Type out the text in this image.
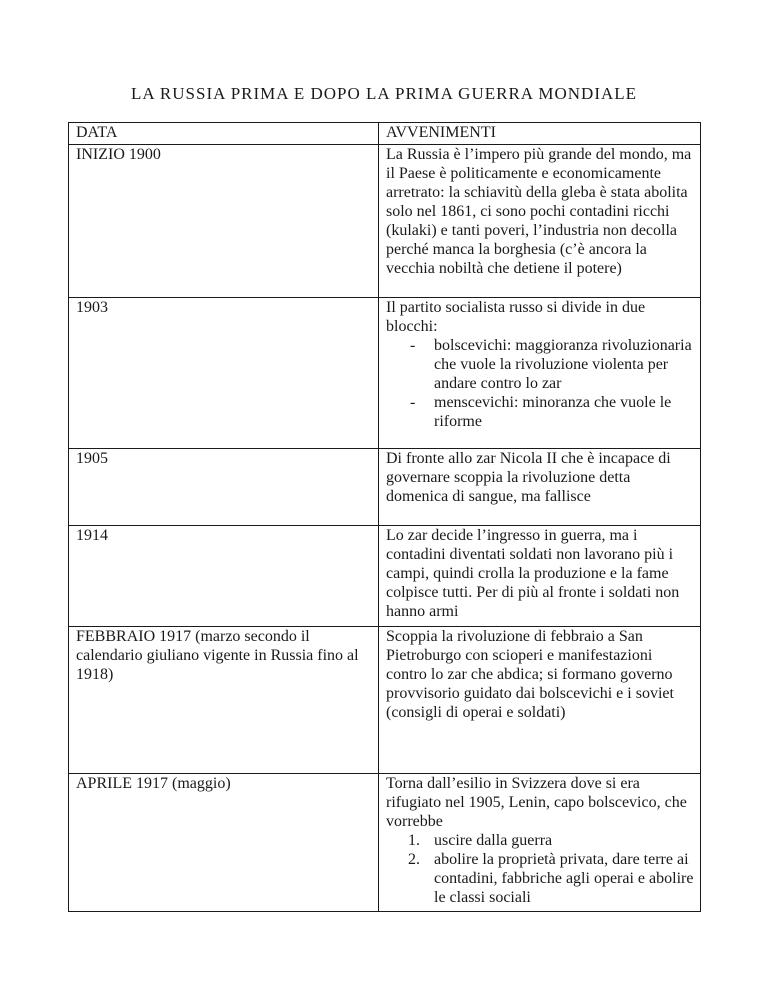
LA RUSSIA PRIMA E DOPO LA PRIMA GUERRA MONDIALE
DATA	AVVENIMENTI
INIZIO 1900	La Russia è l’impero più grande del mondo, ma il Paese è politicamente e economicamente arretrato: la schiavitù della gleba è stata abolita solo nel 1861, ci sono pochi contadini ricchi (kulaki) e tanti poveri, l’industria non decolla perché manca la borghesia (c’è ancora la vecchia nobiltà che detiene il potere)

1903	Il partito socialista russo si divide in due blocchi:
- bolscevichi: maggioranza rivoluzionaria che vuole la rivoluzione violenta per andare contro lo zar
- menscevichi: minoranza che vuole le riforme

1905	Di fronte allo zar Nicola II che è incapace di governare scoppia la rivoluzione detta domenica di sangue, ma fallisce

1914	Lo zar decide l’ingresso in guerra, ma i contadini diventati soldati non lavorano più i campi, quindi crolla la produzione e la fame colpisce tutti. Per di più al fronte i soldati non hanno armi

FEBBRAIO 1917 (marzo secondo il calendario giuliano vigente in Russia fino al 1918)	Scoppia la rivoluzione di febbraio a San Pietroburgo con scioperi e manifestazioni contro lo zar che abdica; si formano governo provvisorio guidato dai bolscevichi e i soviet (consigli di operai e soldati)

APRILE 1917 (maggio)	Torna dall’esilio in Svizzera dove si era rifugiato nel 1905, Lenin, capo bolscevico, che vorrebbe
uscire dalla guerra
abolire la proprietà privata, dare terre ai contadini, fabbriche agli operai e abolire le classi sociali
